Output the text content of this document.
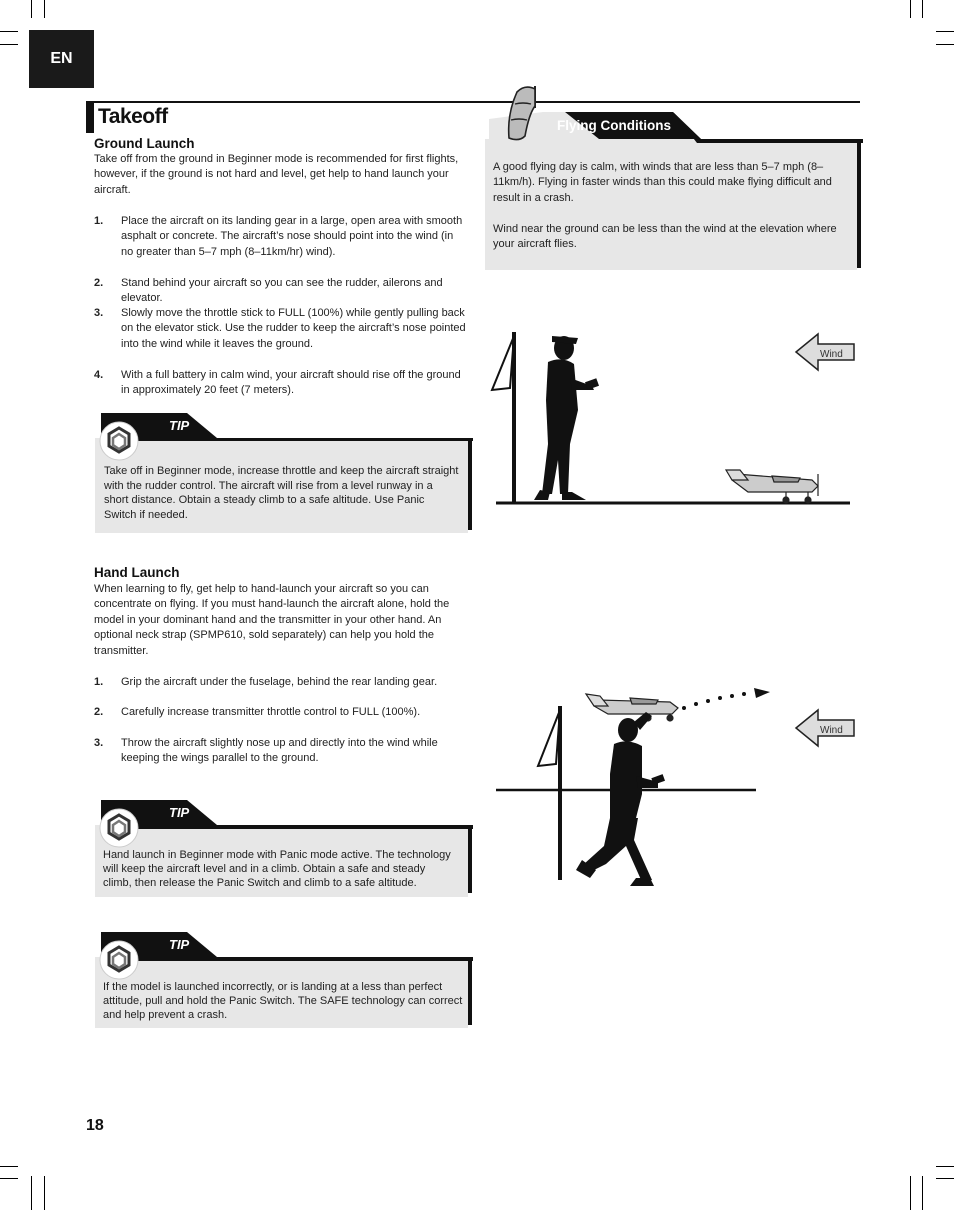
EN
Takeoff
Ground Launch
Take off from the ground in Beginner mode is recommended for first flights, however, if the ground is not hard and level, get help to hand launch your aircraft.
1. Place the aircraft on its landing gear in a large, open area with smooth asphalt or concrete. The aircraft’s nose should point into the wind (in no greater than 5–7 mph (8–11km/hr) wind).
2. Stand behind your aircraft so you can see the rudder, ailerons and elevator.
3. Slowly move the throttle stick to FULL (100%) while gently pulling back on the elevator stick. Use the rudder to keep the aircraft’s nose pointed into the wind while it leaves the ground.
4. With a full battery in calm wind, your aircraft should rise off the ground in approximately 20 feet (7 meters).
TIP
Take off in Beginner mode, increase throttle and keep the aircraft straight with the rudder control. The aircraft will rise from a level runway in a short distance. Obtain a steady climb to a safe altitude. Use Panic Switch if needed.
Hand Launch
When learning to fly, get help to hand-launch your aircraft so you can concentrate on flying. If you must hand-launch the aircraft alone, hold the model in your dominant hand and the transmitter in your other hand. An optional neck strap (SPMP610, sold separately) can help you hold the transmitter.
1. Grip the aircraft under the fuselage, behind the rear landing gear.
2. Carefully increase transmitter throttle control to FULL (100%).
3. Throw the aircraft slightly nose up and directly into the wind while keeping the wings parallel to the ground.
TIP
Hand launch in Beginner mode with Panic mode active. The technology will keep the aircraft level and in a climb. Obtain a safe and steady climb, then release the Panic Switch and climb to a safe altitude.
TIP
If the model is launched incorrectly, or is landing at a less than perfect attitude, pull and hold the Panic Switch. The SAFE technology can correct and help prevent a crash.
Flying Conditions
A good flying day is calm, with winds that are less than 5–7 mph (8–11km/h). Flying in faster winds than this could make flying difficult and result in a crash.
Wind near the ground can be less than the wind at the elevation where your aircraft flies.
Wind
Wind
18
